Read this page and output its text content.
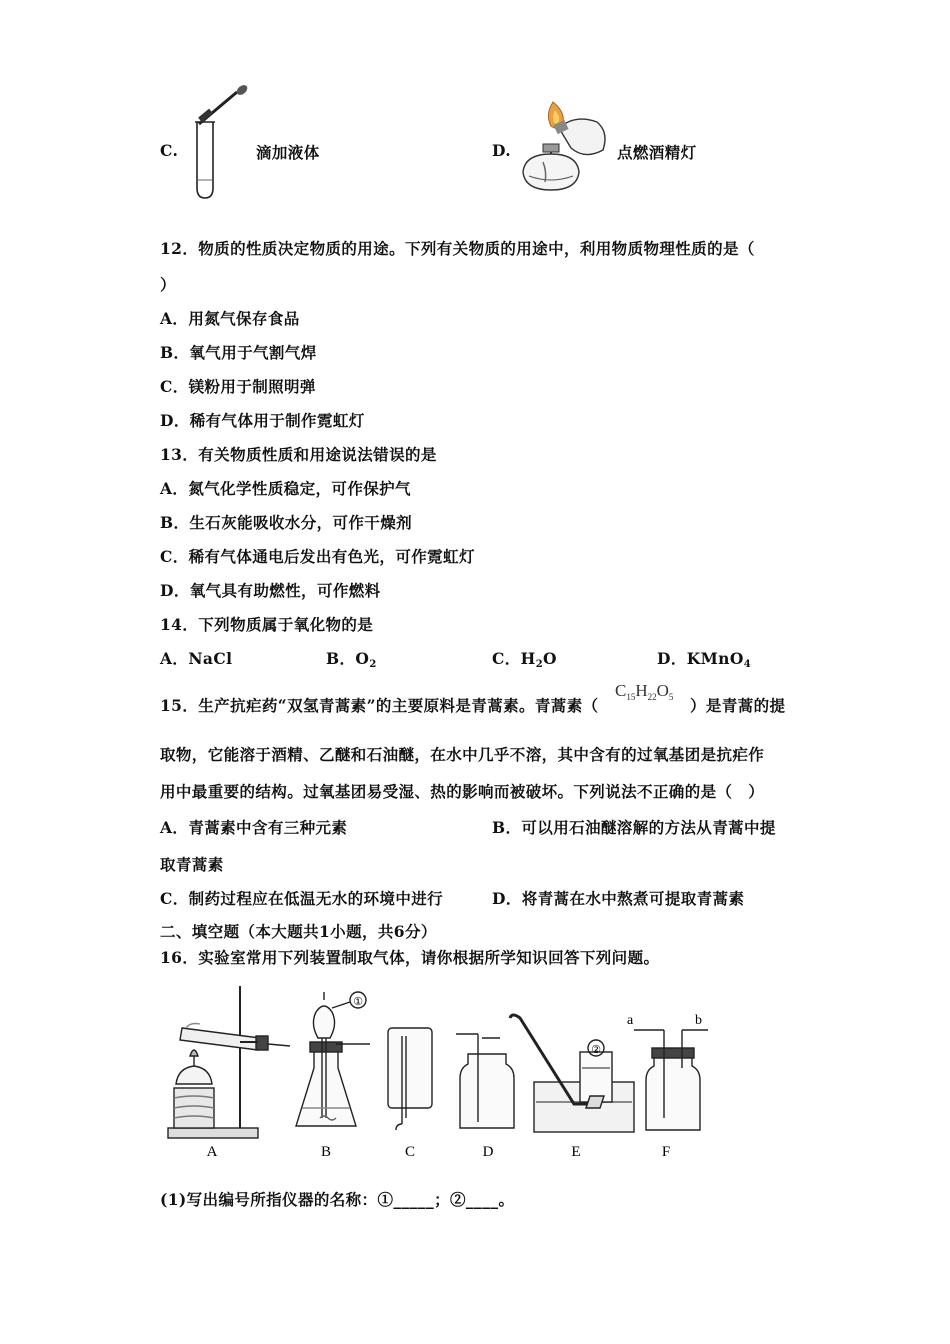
C.	滴加液体	D.	点燃酒精灯
12．物质的性质决定物质的用途。下列有关物质的用途中，利用物质物理性质的是（
）
A．用氮气保存食品
B．氧气用于气割气焊
C．镁粉用于制照明弹
D．稀有气体用于制作霓虹灯
13．有关物质性质和用途说法错误的是
A．氮气化学性质稳定，可作保护气
B．生石灰能吸收水分，可作干燥剂
C．稀有气体通电后发出有色光，可作霓虹灯
D．氧气具有助燃性，可作燃料
14．下列物质属于氧化物的是
A．NaCl	B．$O_2$	C．$H_2O$	D．KMnO$_4$
15．生产抗疟药“双氢青蒿素”的主要原料是青蒿素。青蒿素（
$C_{15}H_{22}O_5$ ）是青蒿的提
取物，它能溶于酒精、乙醚和石油醚，在水中几乎不溶，其中含有的过氧基团是抗疟作
用中最重要的结构。过氧基团易受湿、热的影响而被破坏。下列说法不正确的是（　）
A．青蒿素中含有三种元素	B．可以用石油醚溶解的方法从青蒿中提
取青蒿素
C．制药过程应在低温无水的环境中进行	D．将青蒿在水中熬煮可提取青蒿素
二、填空题（本大题共1小题，共6分）
16．实验室常用下列装置制取气体，请你根据所学知识回答下列问题。
①
②
a	b
A	B	C	D	E	F
(1)写出编号所指仪器的名称：①_____；②____。
